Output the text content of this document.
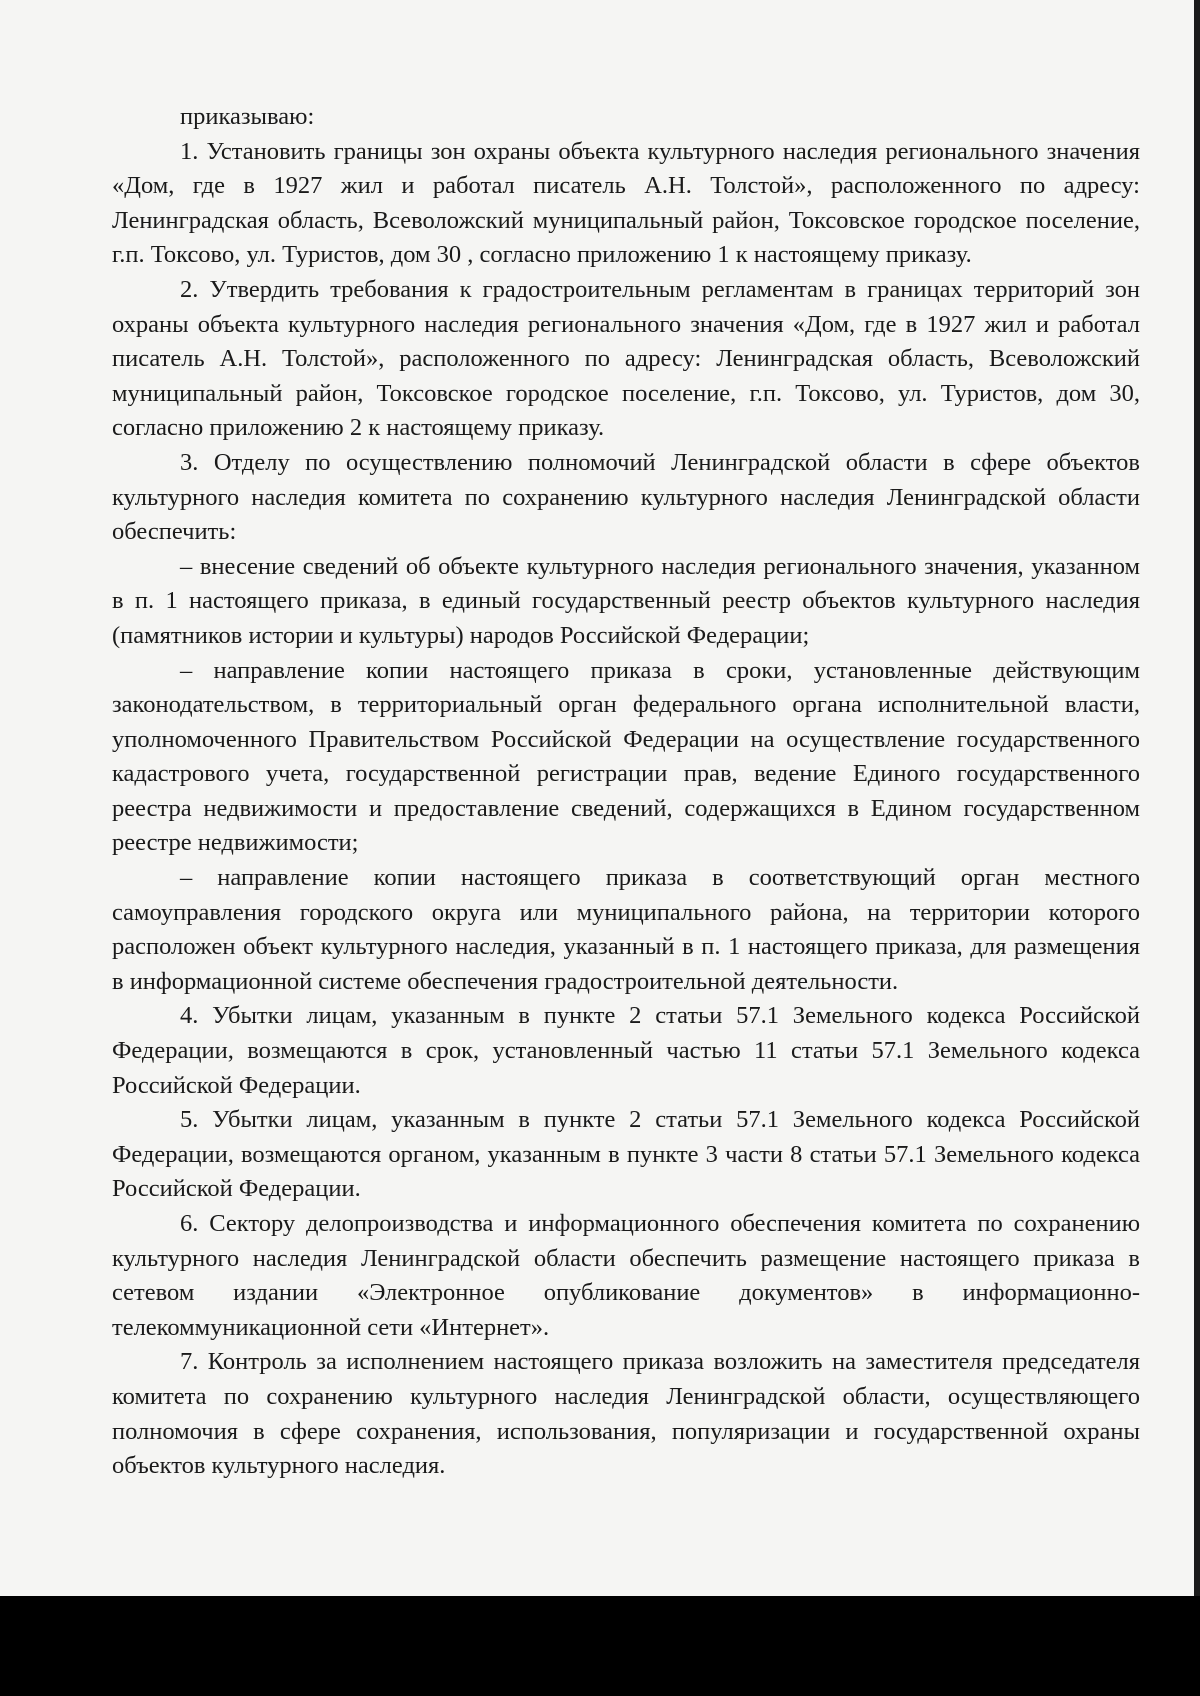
приказываю:

1. Установить границы зон охраны объекта культурного наследия регионального значения «Дом, где в 1927 жил и работал писатель А.Н. Толстой», расположенного по адресу: Ленинградская область, Всеволожский муниципальный район, Токсовское городское поселение, г.п. Токсово, ул. Туристов, дом 30 , согласно приложению 1 к настоящему приказу.

2. Утвердить требования к градостроительным регламентам в границах территорий зон охраны объекта культурного наследия регионального значения «Дом, где в 1927 жил и работал писатель А.Н. Толстой», расположенного по адресу: Ленинградская область, Всеволожский муниципальный район, Токсовское городское поселение, г.п. Токсово, ул. Туристов, дом 30, согласно приложению 2 к настоящему приказу.

3. Отделу по осуществлению полномочий Ленинградской области в сфере объектов культурного наследия комитета по сохранению культурного наследия Ленинградской области обеспечить:

– внесение сведений об объекте культурного наследия регионального значения, указанном в п. 1 настоящего приказа, в единый государственный реестр объектов культурного наследия (памятников истории и культуры) народов Российской Федерации;

– направление копии настоящего приказа в сроки, установленные действующим законодательством, в территориальный орган федерального органа исполнительной власти, уполномоченного Правительством Российской Федерации на осуществление государственного кадастрового учета, государственной регистрации прав, ведение Единого государственного реестра недвижимости и предоставление сведений, содержащихся в Едином государственном реестре недвижимости;

– направление копии настоящего приказа в соответствующий орган местного самоуправления городского округа или муниципального района, на территории которого расположен объект культурного наследия, указанный в п. 1 настоящего приказа, для размещения в информационной системе обеспечения градостроительной деятельности.

4. Убытки лицам, указанным в пункте 2 статьи 57.1 Земельного кодекса Российской Федерации, возмещаются в срок, установленный частью 11 статьи 57.1 Земельного кодекса Российской Федерации.

5. Убытки лицам, указанным в пункте 2 статьи 57.1 Земельного кодекса Российской Федерации, возмещаются органом, указанным в пункте 3 части 8 статьи 57.1 Земельного кодекса Российской Федерации.

6. Сектору делопроизводства и информационного обеспечения комитета по сохранению культурного наследия Ленинградской области обеспечить размещение настоящего приказа в сетевом издании «Электронное опубликование документов» в информационно-телекоммуникационной сети «Интернет».

7. Контроль за исполнением настоящего приказа возложить на заместителя председателя комитета по сохранению культурного наследия Ленинградской области, осуществляющего полномочия в сфере сохранения, использования, популяризации и государственной охраны объектов культурного наследия.
